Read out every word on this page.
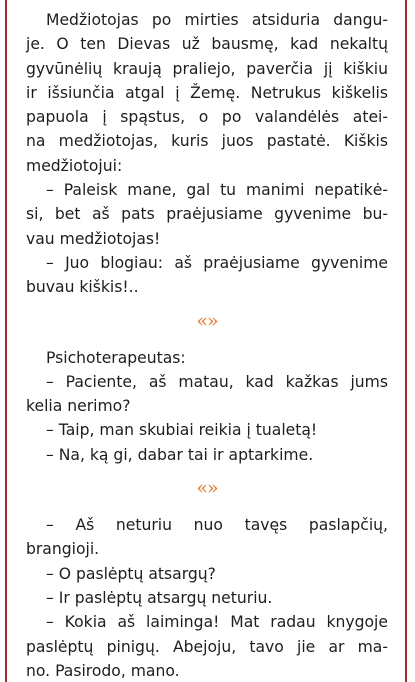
Medžiotojas po mirties atsiduria dangu-
je. O ten Dievas už bausmę, kad nekaltų
gyvūnėlių kraują praliejo, paverčia jį kiškiu
ir išsiunčia atgal į Žemę. Netrukus kiškelis
papuola į spąstus, o po valandėlės atei-
na medžiotojas, kuris juos pastatė. Kiškis
medžiotojui:
– Paleisk mane, gal tu manimi nepatikė-
si, bet aš pats praėjusiame gyvenime bu-
vau medžiotojas!
– Juo blogiau: aš praėjusiame gyvenime
buvau kiškis!..
«»
Psichoterapeutas:
– Paciente, aš matau, kad kažkas jums
kelia nerimo?
– Taip, man skubiai reikia į tualetą!
– Na, ką gi, dabar tai ir aptarkime.
«»
– Aš neturiu nuo tavęs paslapčių,
brangioji.
– O paslėptų atsargų?
– Ir paslėptų atsargų neturiu.
– Kokia aš laiminga! Mat radau knygoje
paslėptų pinigų. Abejoju, tavo jie ar ma-
no. Pasirodo, mano.
